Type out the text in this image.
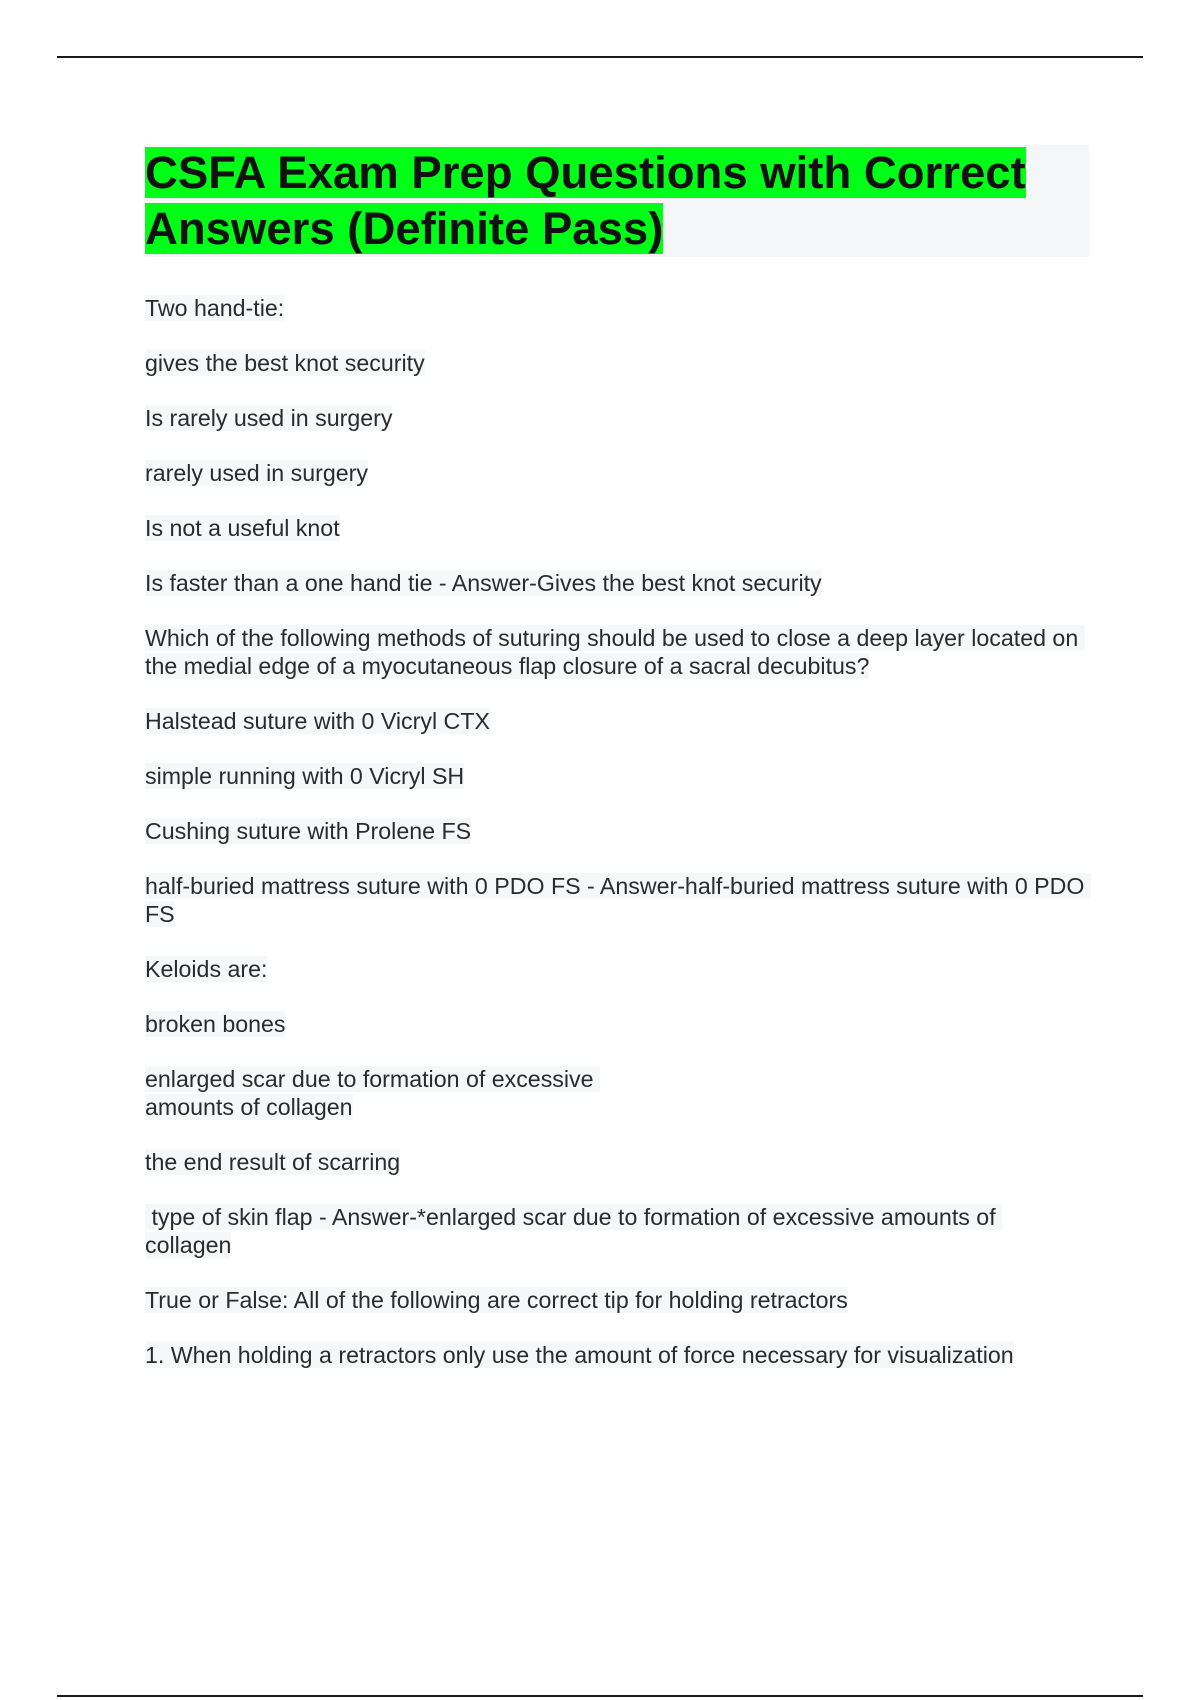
CSFA Exam Prep Questions with Correct
Answers (Definite Pass)
Two hand-tie:
gives the best knot security
Is rarely used in surgery
rarely used in surgery
Is not a useful knot
Is faster than a one hand tie - Answer-Gives the best knot security
Which of the following methods of suturing should be used to close a deep layer located on the medial edge of a myocutaneous flap closure of a sacral decubitus?
Halstead suture with 0 Vicryl CTX
simple running with 0 Vicryl SH
Cushing suture with Prolene FS
half-buried mattress suture with 0 PDO FS - Answer-half-buried mattress suture with 0 PDO FS
Keloids are:
broken bones
enlarged scar due to formation of excessive amounts of collagen
the end result of scarring
type of skin flap - Answer-*enlarged scar due to formation of excessive amounts of collagen
True or False: All of the following are correct tip for holding retractors
1. When holding a retractors only use the amount of force necessary for visualization
